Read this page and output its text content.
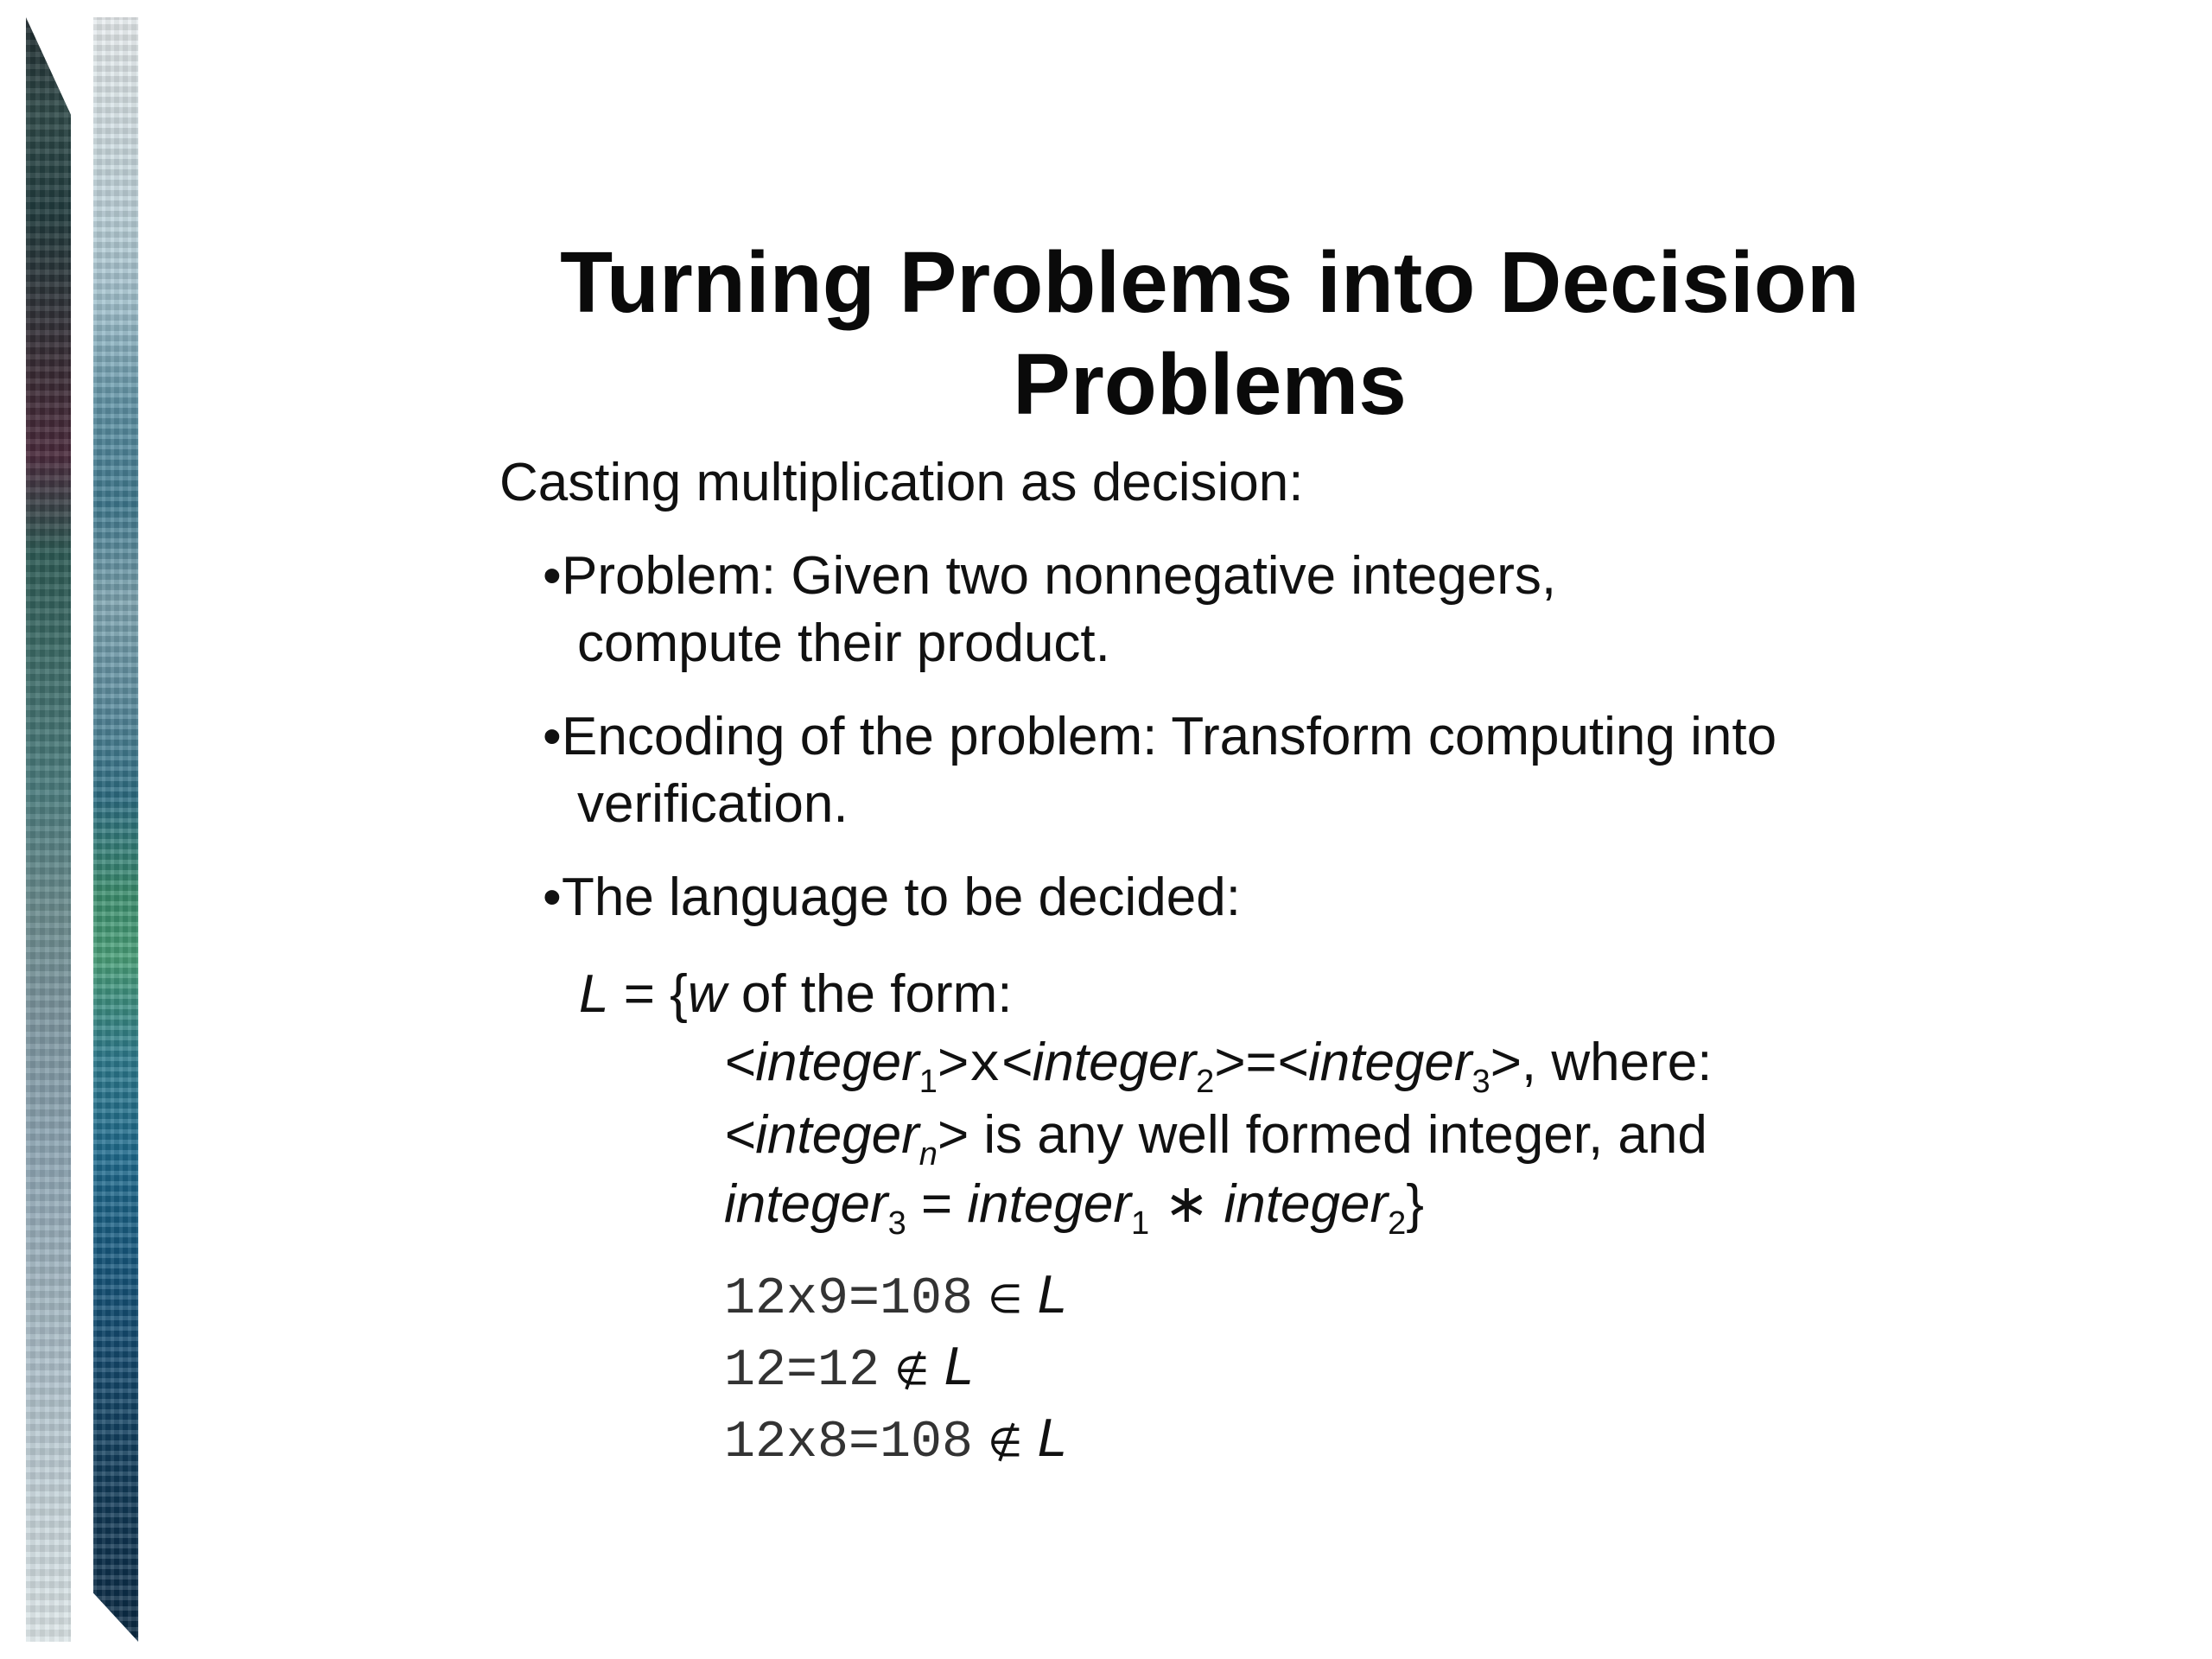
Turning Problems into Decision
Problems

Casting multiplication as decision:

• Problem: Given two nonnegative integers,
compute their product.
• Encoding of the problem: Transform computing into
verification.
• The language to be decided:
L = {w of the form:
<integer$_1$>x<integer$_2$>=<integer$_3$>, where:
<integer$_n$> is any well formed integer, and
integer$_3$ = integer$_1$ ∗ integer$_2$}
12x9=108 ∈ L
12=12 ∉ L
12x8=108 ∉ L
